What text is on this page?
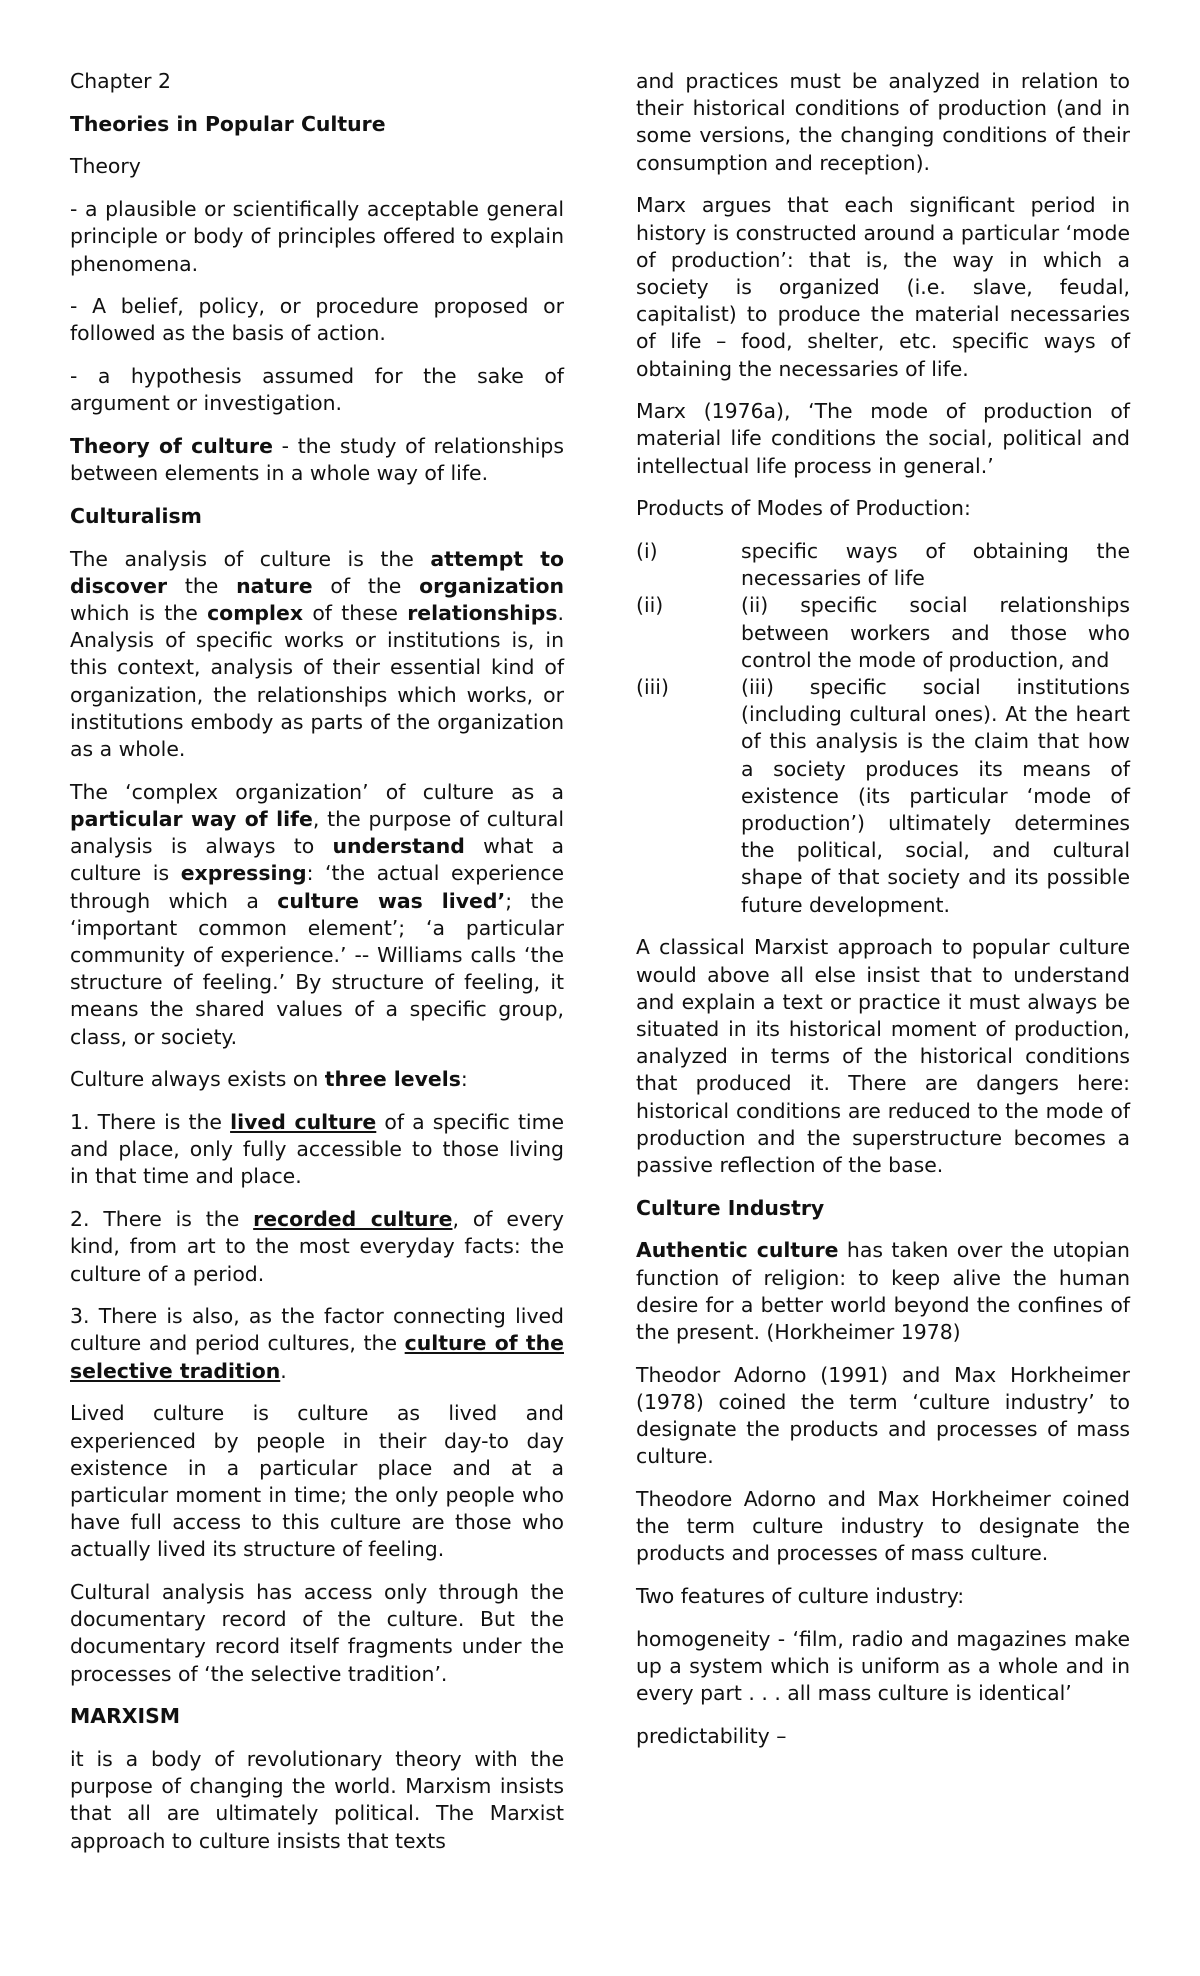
Chapter 2

Theories in Popular Culture

Theory

- a plausible or scientifically acceptable general principle or body of principles offered to explain phenomena.

- A belief, policy, or procedure proposed or followed as the basis of action.

- a hypothesis assumed for the sake of argument or investigation.

Theory of culture - the study of relationships between elements in a whole way of life.

Culturalism

The analysis of culture is the attempt to discover the nature of the organization which is the complex of these relationships. Analysis of specific works or institutions is, in this context, analysis of their essential kind of organization, the relationships which works, or institutions embody as parts of the organization as a whole.

The ‘complex organization’ of culture as a particular way of life, the purpose of cultural analysis is always to understand what a culture is expressing: ‘the actual experience through which a culture was lived’; the ‘important common element’; ‘a particular community of experience.’ -- Williams calls ‘the structure of feeling.’ By structure of feeling, it means the shared values of a specific group, class, or society.

Culture always exists on three levels:

1. There is the lived culture of a specific time and place, only fully accessible to those living in that time and place.

2. There is the recorded culture, of every kind, from art to the most everyday facts: the culture of a period.

3. There is also, as the factor connecting lived culture and period cultures, the culture of the selective tradition.

Lived culture is culture as lived and experienced by people in their day-to day existence in a particular place and at a particular moment in time; the only people who have full access to this culture are those who actually lived its structure of feeling.

Cultural analysis has access only through the documentary record of the culture. But the documentary record itself fragments under the processes of ‘the selective tradition’.

MARXISM

it is a body of revolutionary theory with the purpose of changing the world. Marxism insists that all are ultimately political. The Marxist approach to culture insists that texts

and practices must be analyzed in relation to their historical conditions of production (and in some versions, the changing conditions of their consumption and reception).

Marx argues that each significant period in history is constructed around a particular ‘mode of production’: that is, the way in which a society is organized (i.e. slave, feudal, capitalist) to produce the material necessaries of life – food, shelter, etc. specific ways of obtaining the necessaries of life.

Marx (1976a), ‘The mode of production of material life conditions the social, political and intellectual life process in general.’

Products of Modes of Production:

(i)	specific ways of obtaining the necessaries of life
(ii)	(ii) specific social relationships between workers and those who control the mode of production, and
(iii)	(iii) specific social institutions (including cultural ones). At the heart of this analysis is the claim that how a society produces its means of existence (its particular ‘mode of production’) ultimately determines the political, social, and cultural shape of that society and its possible future development.

A classical Marxist approach to popular culture would above all else insist that to understand and explain a text or practice it must always be situated in its historical moment of production, analyzed in terms of the historical conditions that produced it. There are dangers here: historical conditions are reduced to the mode of production and the superstructure becomes a passive reflection of the base.

Culture Industry

Authentic culture has taken over the utopian function of religion: to keep alive the human desire for a better world beyond the confines of the present. (Horkheimer 1978)

Theodor Adorno (1991) and Max Horkheimer (1978) coined the term ‘culture industry’ to designate the products and processes of mass culture.

Theodore Adorno and Max Horkheimer coined the term culture industry to designate the products and processes of mass culture.

Two features of culture industry:

homogeneity - ‘film, radio and magazines make up a system which is uniform as a whole and in every part . . . all mass culture is identical’

predictability –
